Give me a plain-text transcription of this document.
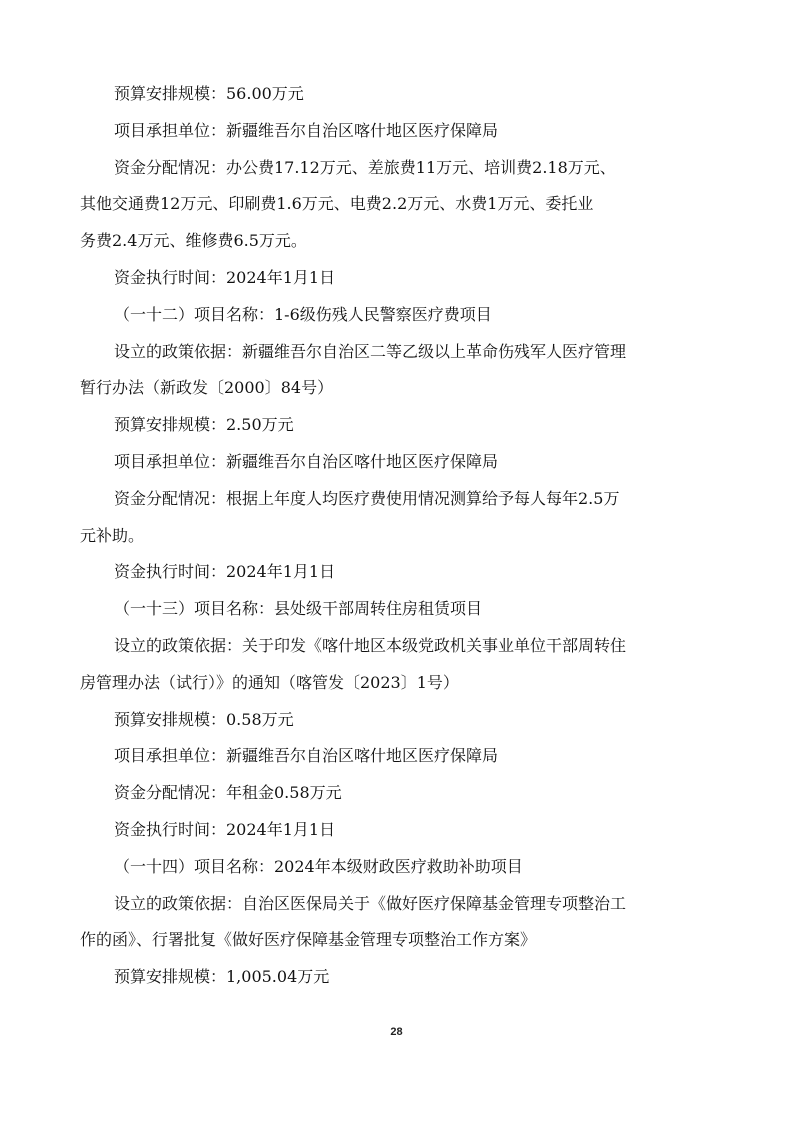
预算安排规模：56.00万元
项目承担单位：新疆维吾尔自治区喀什地区医疗保障局
资金分配情况：办公费17.12万元、差旅费11万元、培训费2.18万元、
其他交通费12万元、印刷费1.6万元、电费2.2万元、水费1万元、委托业
务费2.4万元、维修费6.5万元。
资金执行时间：2024年1月1日
（一十二）项目名称：1-6级伤残人民警察医疗费项目
设立的政策依据：新疆维吾尔自治区二等乙级以上革命伤残军人医疗管理
暂行办法（新政发〔2000〕84号）
预算安排规模：2.50万元
项目承担单位：新疆维吾尔自治区喀什地区医疗保障局
资金分配情况：根据上年度人均医疗费使用情况测算给予每人每年2.5万
元补助。
资金执行时间：2024年1月1日
（一十三）项目名称：县处级干部周转住房租赁项目
设立的政策依据：关于印发《喀什地区本级党政机关事业单位干部周转住
房管理办法（试行）》的通知（喀管发〔2023〕1号）
预算安排规模：0.58万元
项目承担单位：新疆维吾尔自治区喀什地区医疗保障局
资金分配情况：年租金0.58万元
资金执行时间：2024年1月1日
（一十四）项目名称：2024年本级财政医疗救助补助项目
设立的政策依据：自治区医保局关于《做好医疗保障基金管理专项整治工
作的函》、行署批复《做好医疗保障基金管理专项整治工作方案》
预算安排规模：1,005.04万元
28
